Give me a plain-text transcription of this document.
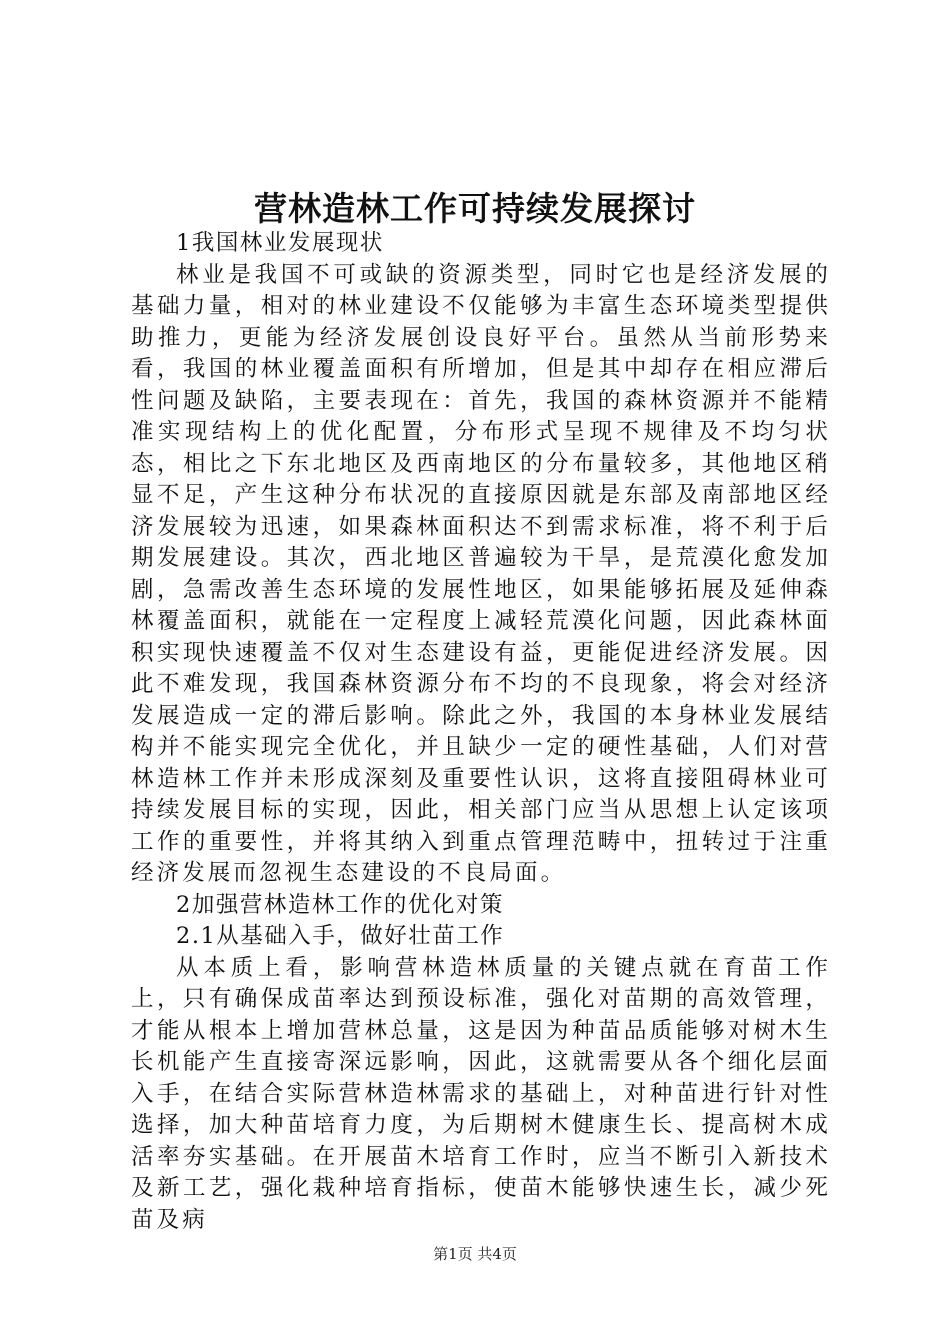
营林造林工作可持续发展探讨

1我国林业发展现状

林业是我国不可或缺的资源类型，同时它也是经济发展的基础力量，相对的林业建设不仅能够为丰富生态环境类型提供助推力，更能为经济发展创设良好平台。虽然从当前形势来看，我国的林业覆盖面积有所增加，但是其中却存在相应滞后性问题及缺陷，主要表现在：首先，我国的森林资源并不能精准实现结构上的优化配置，分布形式呈现不规律及不均匀状态，相比之下东北地区及西南地区的分布量较多，其他地区稍显不足，产生这种分布状况的直接原因就是东部及南部地区经济发展较为迅速，如果森林面积达不到需求标准，将不利于后期发展建设。其次，西北地区普遍较为干旱，是荒漠化愈发加剧，急需改善生态环境的发展性地区，如果能够拓展及延伸森林覆盖面积，就能在一定程度上减轻荒漠化问题，因此森林面积实现快速覆盖不仅对生态建设有益，更能促进经济发展。因此不难发现，我国森林资源分布不均的不良现象，将会对经济发展造成一定的滞后影响。除此之外，我国的本身林业发展结构并不能实现完全优化，并且缺少一定的硬性基础，人们对营林造林工作并未形成深刻及重要性认识，这将直接阻碍林业可持续发展目标的实现，因此，相关部门应当从思想上认定该项工作的重要性，并将其纳入到重点管理范畴中，扭转过于注重经济发展而忽视生态建设的不良局面。

2加强营林造林工作的优化对策

2.1从基础入手，做好壮苗工作

从本质上看，影响营林造林质量的关键点就在育苗工作上，只有确保成苗率达到预设标准，强化对苗期的高效管理，才能从根本上增加营林总量，这是因为种苗品质能够对树木生长机能产生直接寄深远影响，因此，这就需要从各个细化层面入手，在结合实际营林造林需求的基础上，对种苗进行针对性选择，加大种苗培育力度，为后期树木健康生长、提高树木成活率夯实基础。在开展苗木培育工作时，应当不断引入新技术及新工艺，强化栽种培育指标，使苗木能够快速生长，减少死苗及病

第1页 共4页
